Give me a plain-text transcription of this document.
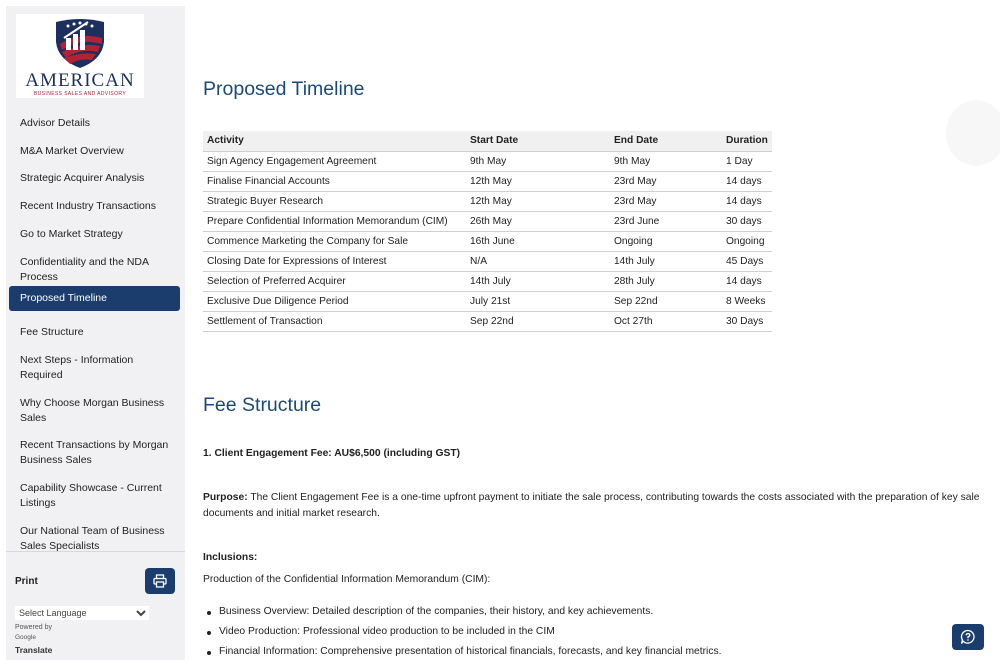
AMERICAN
BUSINESS SALES AND ADVISORY
Advisor Details
M&A Market Overview
Strategic Acquirer Analysis
Recent Industry Transactions
Go to Market Strategy
Confidentiality and the NDA Process
Proposed Timeline
Fee Structure
Next Steps - Information Required
Why Choose Morgan Business Sales
Recent Transactions by Morgan Business Sales
Capability Showcase - Current Listings
Our National Team of Business Sales Specialists
Print
Select Language
Powered by
Google
Translate
Proposed Timeline
Activity	Start Date	End Date	Duration
Sign Agency Engagement Agreement	9th May	9th May	1 Day
Finalise Financial Accounts	12th May	23rd May	14 days
Strategic Buyer Research	12th May	23rd May	14 days
Prepare Confidential Information Memorandum (CIM)	26th May	23rd June	30 days
Commence Marketing the Company for Sale	16th June	Ongoing	Ongoing
Closing Date for Expressions of Interest	N/A	14th July	45 Days
Selection of Preferred Acquirer	14th July	28th July	14 days
Exclusive Due Diligence Period	July 21st	Sep 22nd	8 Weeks
Settlement of Transaction	Sep 22nd	Oct 27th	30 Days
Fee Structure
1. Client Engagement Fee: AU$6,500 (including GST)
Purpose: The Client Engagement Fee is a one-time upfront payment to initiate the sale process, contributing towards the costs associated with the preparation of key sale documents and initial market research.
Inclusions:
Production of the Confidential Information Memorandum (CIM):
Business Overview: Detailed description of the companies, their history, and key achievements.
Video Production: Professional video production to be included in the CIM
Financial Information: Comprehensive presentation of historical financials, forecasts, and key financial metrics.
